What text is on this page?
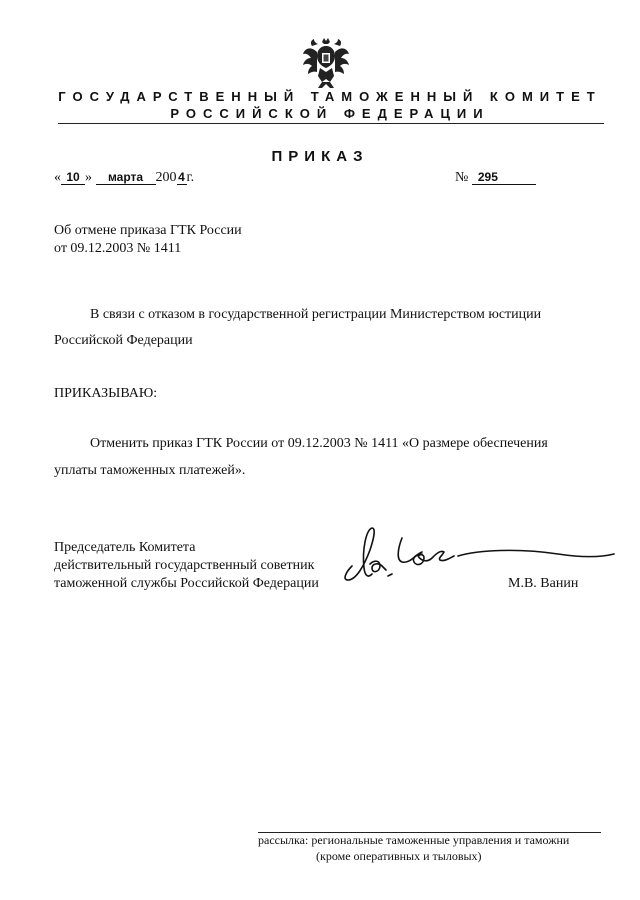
ГОСУДАРСТВЕННЫЙ ТАМОЖЕННЫЙ КОМИТЕТ
РОССИЙСКОЙ ФЕДЕРАЦИИ
ПРИКАЗ
« 10 » марта 200 4 г.	№ 295
Об отмене приказа ГТК России
от 09.12.2003 № 1411
В связи с отказом в государственной регистрации Министерством юстиции
Российской Федерации
ПРИКАЗЫВАЮ:
Отменить приказ ГТК России от 09.12.2003 № 1411 «О размере обеспечения
уплаты таможенных платежей».
Председатель Комитета
действительный государственный советник
таможенной службы Российской Федерации	М.В. Ванин
рассылка: региональные таможенные управления и таможни
(кроме оперативных и тыловых)
